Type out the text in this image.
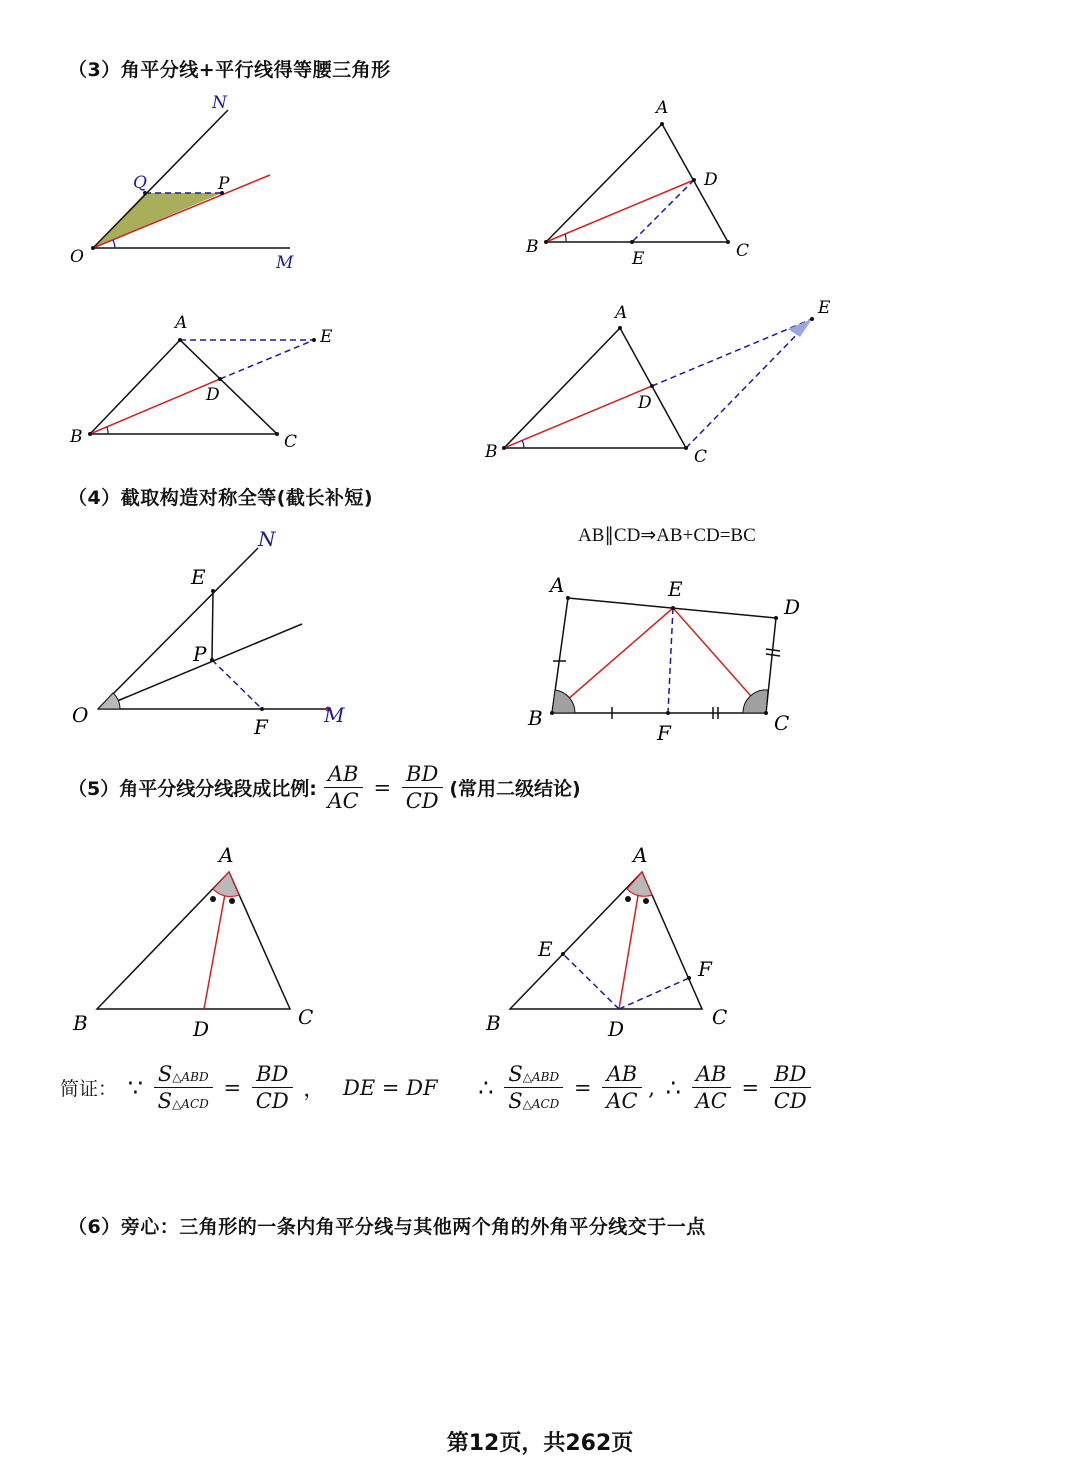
（3）角平分线+平行线得等腰三角形
（4）截取构造对称全等(截长补短)
（6）旁心：三角形的一条内角平分线与其他两个角的外角平分线交于一点
（5）角平分线分线段成比例: $\frac{AB}{AC} = \frac{BD}{CD}$ (常用二级结论)
AB∥CD⇒AB+CD=BC
简证： ∵ $\frac{\text{S△ABD}}{\text{S△ACD}} = \frac{BD}{CD}$ ， DE = DF ∴ $\frac{\text{S△ABD}}{\text{S△ACD}} = \frac{AB}{AC}$ , ∴ $\frac{AB}{AC} = \frac{BD}{CD}$
O	M
N
Q	P
A
B	C
D
E
A
B	C
D
E
A
B	C
D
E
O	M
N
E
P
F
A	E
D
B	C
F
A
B	C
D
A
B	C
D
E
F
第12页，共262页
